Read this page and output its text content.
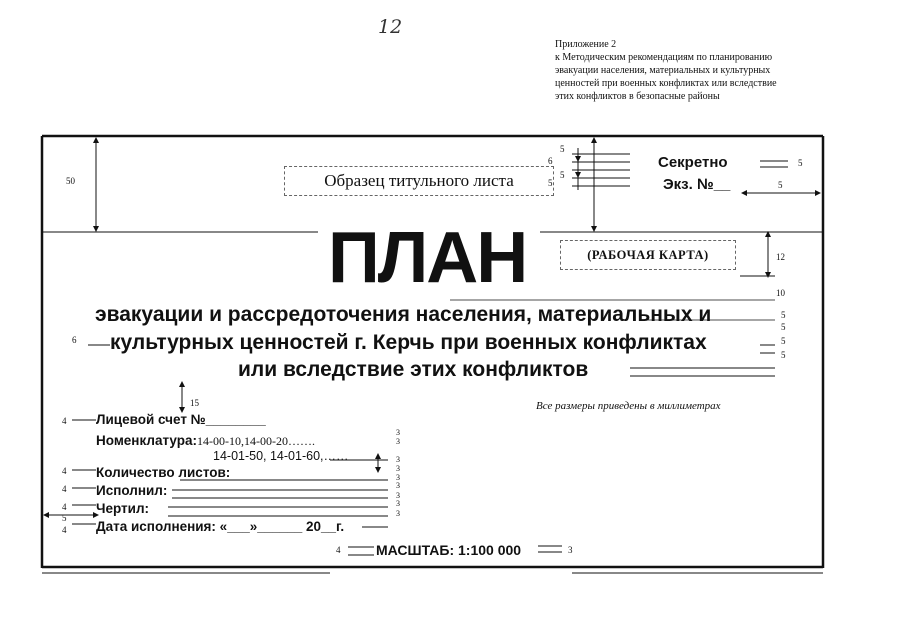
12
Приложение 2
к Методическим рекомендациям по планированию эвакуации населения, материальных и культурных ценностей при военных конфликтах или вследствие этих конфликтов в безопасные районы
Образец титульного листа
Секретно
Экз. №__
ПЛАН	(РАБОЧАЯ КАРТА)
эвакуации и рассредоточения населения, материальных и
культурных ценностей г. Керчь при военных конфликтах
или вследствие этих конфликтов
Все размеры приведены в миллиметрах
Лицевой счет №________
Номенклатура:14-00-10,14-00-20…….
14-01-50, 14-01-60,……
Количество листов:
Исполнил:
Чертил:
Дата исполнения: «___»______ 20__г.
МАСШТАБ: 1:100 000
50
6
5
5
5
5
5
12
10
5
5
5
5
6
15
3
3
3
3
3
3
3
3
3
4
4
4
4
4
5
4	3
